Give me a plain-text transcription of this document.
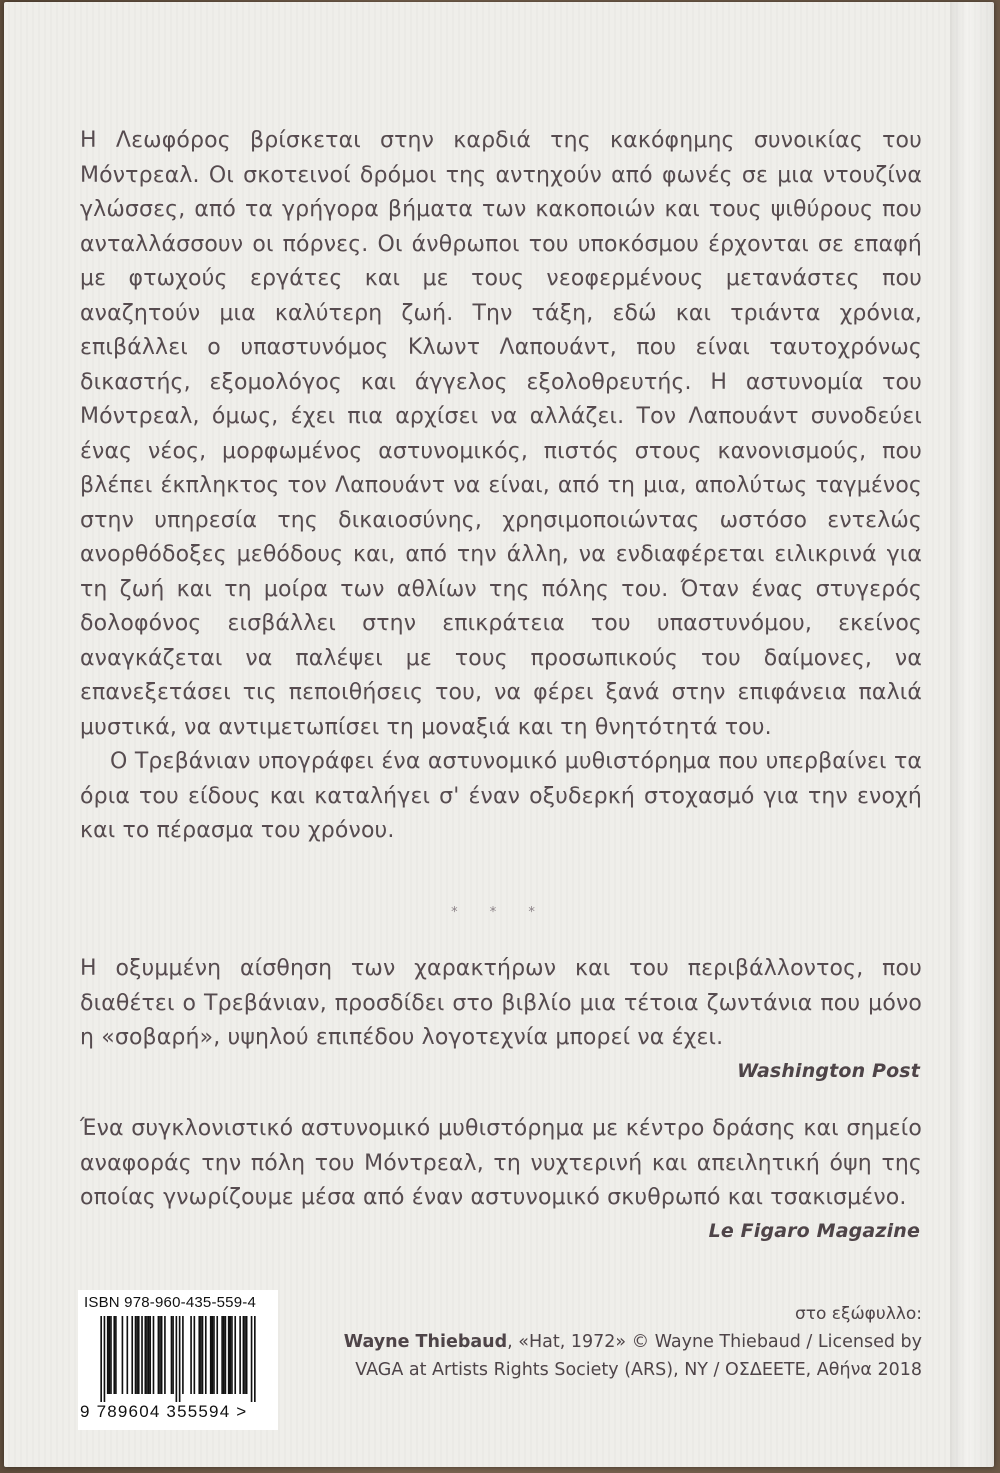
Η Λεωφόρος βρίσκεται στην καρδιά της κακόφημης συνοικίας του Μόντρεαλ. Οι σκοτεινοί δρόμοι της αντηχούν από φωνές σε μια ντουζίνα γλώσσες, από τα γρήγορα βήματα των κακοποιών και τους ψιθύρους που ανταλλάσσουν οι πόρνες. Οι άνθρωποι του υποκόσμου έρχονται σε επαφή με φτωχούς εργάτες και με τους νεοφερμένους μετανάστες που αναζητούν μια καλύτερη ζωή. Την τάξη, εδώ και τριάντα χρόνια, επιβάλλει ο υπαστυνόμος Κλωντ Λαπουάντ, που είναι ταυτοχρόνως δικαστής, εξομολόγος και άγγελος εξολοθρευτής. Η αστυνομία του Μόντρεαλ, όμως, έχει πια αρχίσει να αλλάζει. Τον Λαπουάντ συνοδεύει ένας νέος, μορφωμένος αστυνομικός, πιστός στους κανονισμούς, που βλέπει έκπληκτος τον Λαπουάντ να είναι, από τη μια, απολύτως ταγμένος στην υπηρεσία της δικαιοσύνης, χρησιμοποιώντας ωστόσο εντελώς ανορθόδοξες μεθόδους και, από την άλλη, να ενδιαφέρεται ειλικρινά για τη ζωή και τη μοίρα των αθλίων της πόλης του. Όταν ένας στυγερός δολοφόνος εισβάλλει στην επικράτεια του υπαστυνόμου, εκείνος αναγκάζεται να παλέψει με τους προσωπικούς του δαίμονες, να επανεξετάσει τις πεποιθήσεις του, να φέρει ξανά στην επιφάνεια παλιά μυστικά, να αντιμετωπίσει τη μοναξιά και τη θνητότητά του.

Ο Τρεβάνιαν υπογράφει ένα αστυνομικό μυθιστόρημα που υπερβαίνει τα όρια του είδους και καταλήγει σ' έναν οξυδερκή στοχασμό για την ενοχή και το πέρασμα του χρόνου.

* * *

Η οξυμμένη αίσθηση των χαρακτήρων και του περιβάλλοντος, που διαθέτει ο Τρεβάνιαν, προσδίδει στο βιβλίο μια τέτοια ζωντάνια που μόνο η «σοβαρή», υψηλού επιπέδου λογοτεχνία μπορεί να έχει.

Washington Post

Ένα συγκλονιστικό αστυνομικό μυθιστόρημα με κέντρο δράσης και σημείο αναφοράς την πόλη του Μόντρεαλ, τη νυχτερινή και απειλητική όψη της οποίας γνωρίζουμε μέσα από έναν αστυνομικό σκυθρωπό και τσακισμένο.

Le Figaro Magazine

ISBN 978-960-435-559-4
9 789604 355594 >
στο εξώφυλλο:
Wayne Thiebaud, «Hat, 1972» © Wayne Thiebaud / Licensed by
VAGA at Artists Rights Society (ARS), NY / ΟΣΔΕΕΤΕ, Αθήνα 2018
